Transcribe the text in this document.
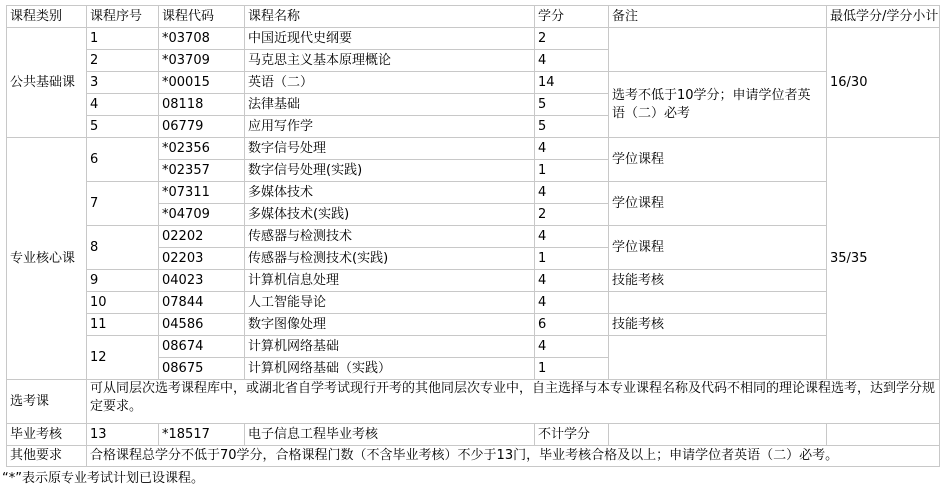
课程类别	课程序号	课程代码	课程名称	学分	备注	最低学分/学分小计
公共基础课	1	*03708	中国近现代史纲要	2		16/30
	2	*03709	马克思主义基本原理概论	4		
	3	*00015	英语（二）	14	选考不低于10学分；申请学位者英语（二）必考	
	4	08118	法律基础	5		
	5	06779	应用写作学	5		
专业核心课	6	*02356	数字信号处理	4	学位课程	35/35
		*02357	数字信号处理(实践)	1		
	7	*07311	多媒体技术	4	学位课程	
		*04709	多媒体技术(实践)	2		
	8	02202	传感器与检测技术	4	学位课程	
		02203	传感器与检测技术(实践)	1		
	9	04023	计算机信息处理	4	技能考核	
	10	07844	人工智能导论	4		
	11	04586	数字图像处理	6	技能考核	
	12	08674	计算机网络基础	4		
		08675	计算机网络基础（实践）	1		
选考课	可从同层次选考课程库中，或湖北省自学考试现行开考的其他同层次专业中，自主选择与本专业课程名称及代码不相同的理论课程选考，达到学分规定要求。					
毕业考核	13	*18517	电子信息工程毕业考核	不计学分		
其他要求	合格课程总学分不低于70学分，合格课程门数（不含毕业考核）不少于13门，毕业考核合格及以上；申请学位者英语（二）必考。					
“*”表示原专业考试计划已设课程。
